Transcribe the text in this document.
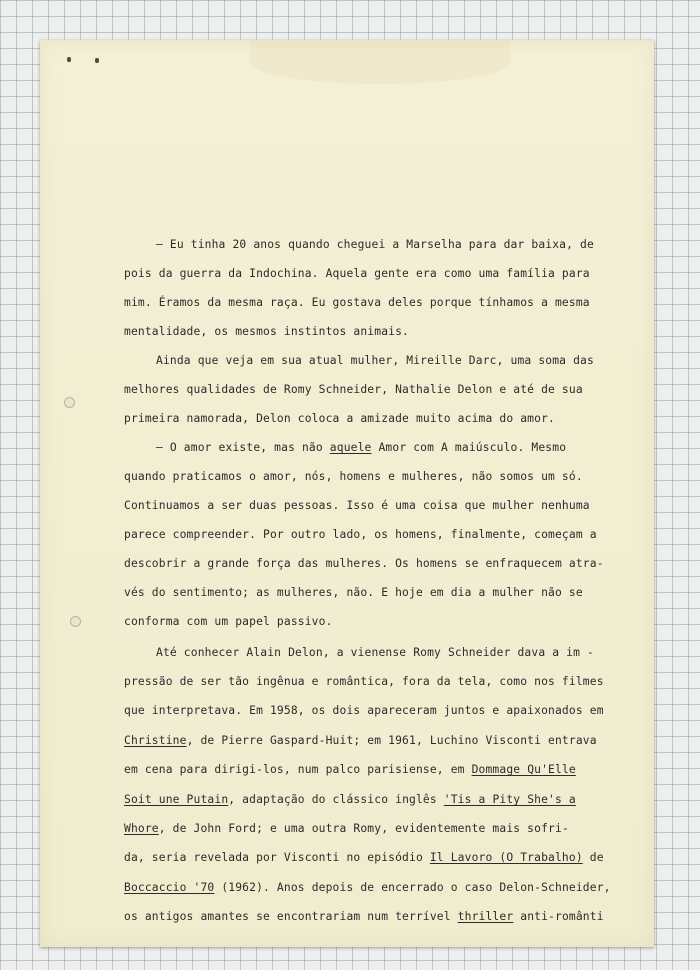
— Eu tinha 20 anos quando cheguei a Marselha para dar baixa, de
pois da guerra da Indochina. Aquela gente era como uma família para
mim. Éramos da mesma raça. Eu gostava deles porque tínhamos a mesma
mentalidade, os mesmos instintos animais.
Ainda que veja em sua atual mulher, Mireille Darc, uma soma das
melhores qualidades de Romy Schneider, Nathalie Delon e até de sua
primeira namorada, Delon coloca a amizade muito acima do amor.
— O amor existe, mas não aquele Amor com A maiúsculo. Mesmo
quando praticamos o amor, nós, homens e mulheres, não somos um só.
Continuamos a ser duas pessoas. Isso é uma coisa que mulher nenhuma
parece compreender. Por outro lado, os homens, finalmente, começam a
descobrir a grande força das mulheres. Os homens se enfraquecem atra-
vés do sentimento; as mulheres, não. E hoje em dia a mulher não se
conforma com um papel passivo.
Até conhecer Alain Delon, a vienense Romy Schneider dava a im -
pressão de ser tão ingênua e romântica, fora da tela, como nos filmes
que interpretava. Em 1958, os dois apareceram juntos e apaixonados em
Christine, de Pierre Gaspard-Huit; em 1961, Luchino Visconti entrava
em cena para dirigi-los, num palco parisiense, em Dommage Qu'Elle
Soit une Putain, adaptação do clássico inglês 'Tis a Pity She's a
Whore, de John Ford; e uma outra Romy, evidentemente mais sofri-
da, seria revelada por Visconti no episódio Il Lavoro (O Trabalho) de
Boccaccio '70 (1962). Anos depois de encerrado o caso Delon-Schneider,
os antigos amantes se encontrariam num terrível thriller anti-românti
